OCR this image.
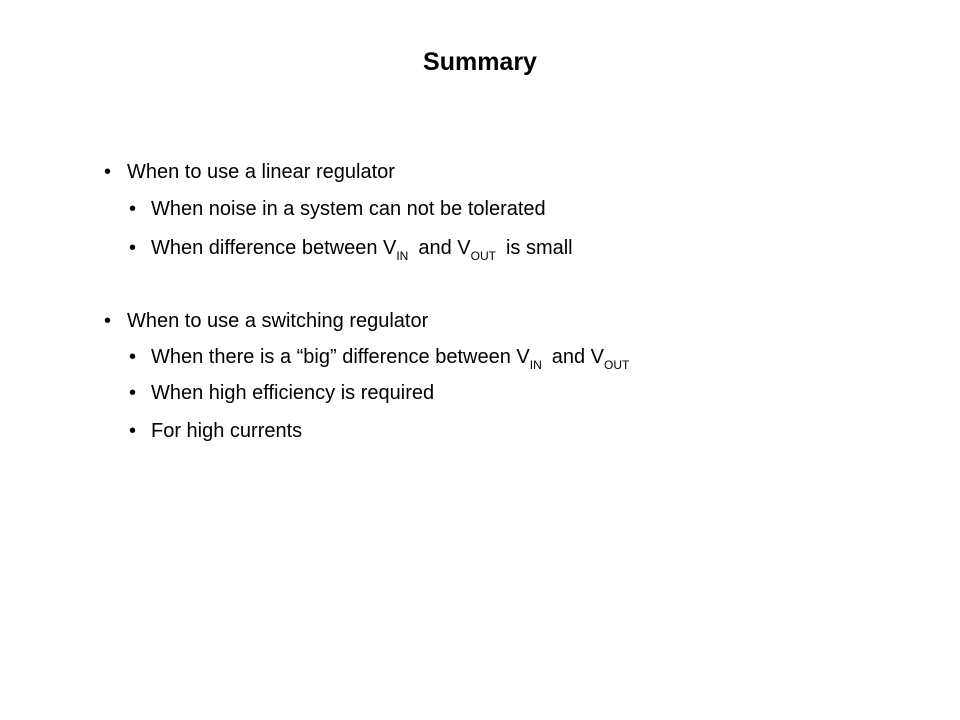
Summary
• When to use a linear regulator
• When noise in a system can not be tolerated
• When difference between $V_{IN}$ and $V_{OUT}$ is small
• When to use a switching regulator
• When there is a “big” difference between $V_{IN}$ and $V_{OUT}$
• When high efficiency is required
• For high currents
